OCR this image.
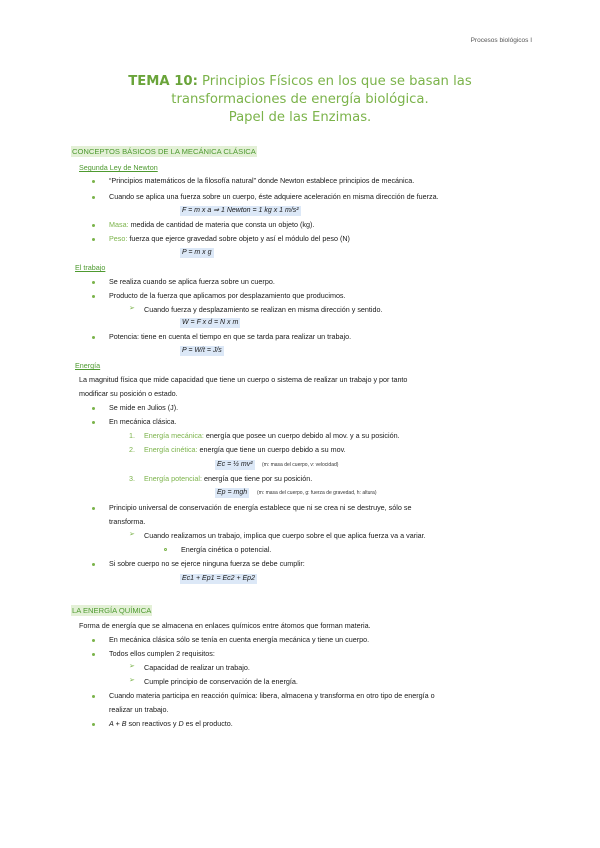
Procesos biológicos I
TEMA 10: Principios Físicos en los que se basan las
transformaciones de energía biológica.
Papel de las Enzimas.
CONCEPTOS BÁSICOS DE LA MECÁNICA CLÁSICA
Segunda Ley de Newton
“Principios matemáticos de la filosofía natural” donde Newton establece principios de mecánica.
Cuando se aplica una fuerza sobre un cuerpo, éste adquiere aceleración en misma dirección de fuerza.
F = m x a ⇒ 1 Newton = 1 kg x 1 m/s²
Masa: medida de cantidad de materia que consta un objeto (kg).
Peso: fuerza que ejerce gravedad sobre objeto y así el módulo del peso (N)
P = m x g
El trabajo
Se realiza cuando se aplica fuerza sobre un cuerpo.
Producto de la fuerza que aplicamos por desplazamiento que producimos.
➢ Cuando fuerza y desplazamiento se realizan en misma dirección y sentido.
W = F x d = N x m
Potencia: tiene en cuenta el tiempo en que se tarda para realizar un trabajo.
P = W/t = J/s
Energía
La magnitud física que mide capacidad que tiene un cuerpo o sistema de realizar un trabajo y por tanto
modificar su posición o estado.
Se mide en Julios (J).
En mecánica clásica.
1. Energía mecánica: energía que posee un cuerpo debido al mov. y a su posición.
2. Energía cinética: energía que tiene un cuerpo debido a su mov.
Ec = ½ mv²	(m: masa del cuerpo, v: velocidad)
3. Energía potencial: energía que tiene por su posición.
Ep = mgh	(m: masa del cuerpo, g: fuerza de gravedad, h: altura)
Principio universal de conservación de energía establece que ni se crea ni se destruye, sólo se
transforma.
➢ Cuando realizamos un trabajo, implica que cuerpo sobre el que aplica fuerza va a variar.
Energía cinética o potencial.
Si sobre cuerpo no se ejerce ninguna fuerza se debe cumplir:
Ec1 + Ep1 = Ec2 + Ep2
LA ENERGÍA QUÍMICA
Forma de energía que se almacena en enlaces químicos entre átomos que forman materia.
En mecánica clásica sólo se tenía en cuenta energía mecánica y tiene un cuerpo.
Todos ellos cumplen 2 requisitos:
➢ Capacidad de realizar un trabajo.
➢ Cumple principio de conservación de la energía.
Cuando materia participa en reacción química: libera, almacena y transforma en otro tipo de energía o
realizar un trabajo.
A + B son reactivos y D es el producto.
